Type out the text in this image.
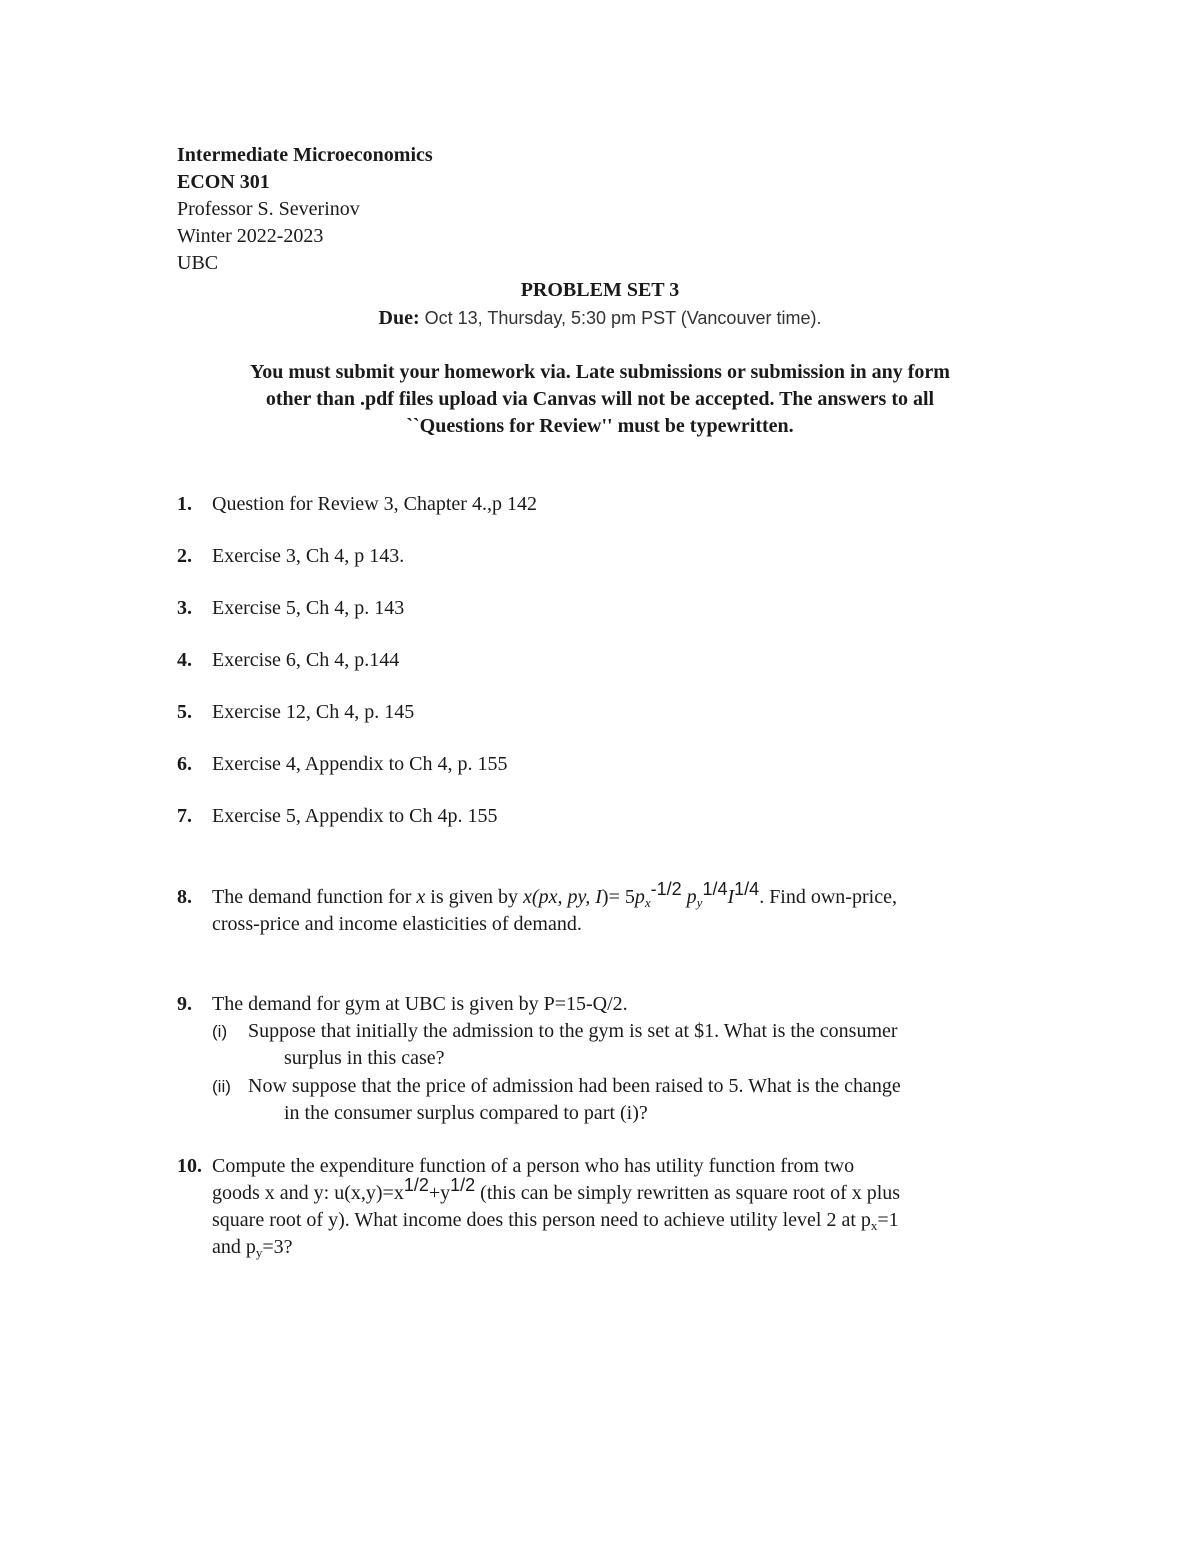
Intermediate Microeconomics
ECON 301
Professor S. Severinov
Winter 2022-2023
UBC
PROBLEM SET 3
Due: Oct 13, Thursday, 5:30 pm PST (Vancouver time).
You must submit your homework via. Late submissions or submission in any form
other than .pdf files upload via Canvas will not be accepted. The answers to all
``Questions for Review'' must be typewritten.
1. Question for Review 3, Chapter 4.,p 142
2. Exercise 3, Ch 4, p 143.
3. Exercise 5, Ch 4, p. 143
4. Exercise 6, Ch 4, p.144
5. Exercise 12, Ch 4, p. 145
6. Exercise 4, Appendix to Ch 4, p. 155
7. Exercise 5, Appendix to Ch 4p. 155
8. The demand function for x is given by x(px, py, $I)= 5p_x^{-1/2}$ $p_y^{1/4}I^{1/4}$. Find own-price,
cross-price and income elasticities of demand.
9. The demand for gym at UBC is given by P=15-Q/2.
(i) Suppose that initially the admission to the gym is set at $1. What is the consumer
surplus in this case?
(ii) Now suppose that the price of admission had been raised to 5. What is the change
in the consumer surplus compared to part (i)?
10. Compute the expenditure function of a person who has utility function from two
goods x and y: $u(x,y)=x^{1/2}+y^{1/2}$ (this can be simply rewritten as square root of x plus
square root of y). What income does this person need to achieve utility level 2 at $p_x=1$
and $p_y=3$?
